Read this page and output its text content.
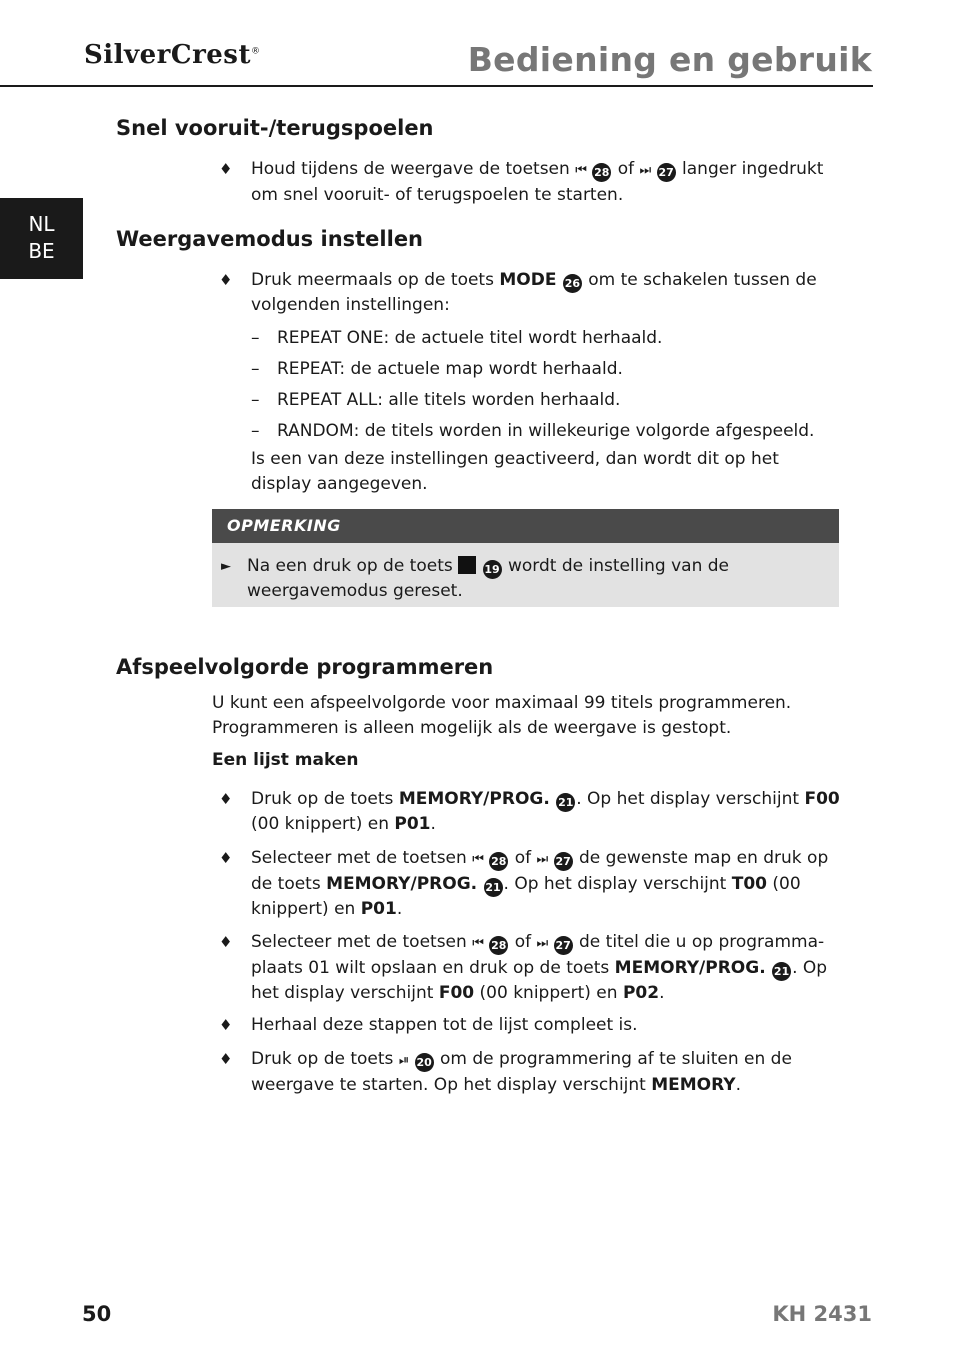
SilverCrest®	Bediening en gebruik
NL
BE
Snel vooruit-/terugspoelen
♦ Houd tijdens de weergave de toetsen ⏮ 28 of ⏭ 27 langer ingedrukt om snel vooruit- of terugspoelen te starten.
Weergavemodus instellen
♦ Druk meermaals op de toets MODE 26 om te schakelen tussen de volgenden instellingen:
– REPEAT ONE: de actuele titel wordt herhaald.
– REPEAT: de actuele map wordt herhaald.
– REPEAT ALL: alle titels worden herhaald.
– RANDOM: de titels worden in willekeurige volgorde afgespeeld.
Is een van deze instellingen geactiveerd, dan wordt dit op het display aangegeven.
OPMERKING
► Na een druk op de toets	19 wordt de instelling van de weergavemodus gereset.
Afspeelvolgorde programmeren
U kunt een afspeelvolgorde voor maximaal 99 titels programmeren. Programmeren is alleen mogelijk als de weergave is gestopt.
Een lijst maken
♦ Druk op de toets MEMORY/PROG. 21 . Op het display verschijnt F00 (00 knippert) en P01.
♦ Selecteer met de toetsen ⏮ 28 of ⏭ 27 de gewenste map en druk op de toets MEMORY/PROG. 21 . Op het display verschijnt T00 (00 knippert) en P01.
♦ Selecteer met de toetsen ⏮ 28 of ⏭ 27 de titel die u op programma-plaats 01 wilt opslaan en druk op de toets MEMORY/PROG. 21 . Op het display verschijnt F00 (00 knippert) en P02.
♦ Herhaal deze stappen tot de lijst compleet is.
♦ Druk op de toets ⏯ 20 om de programmering af te sluiten en de weergave te starten. Op het display verschijnt MEMORY.
50	KH 2431
